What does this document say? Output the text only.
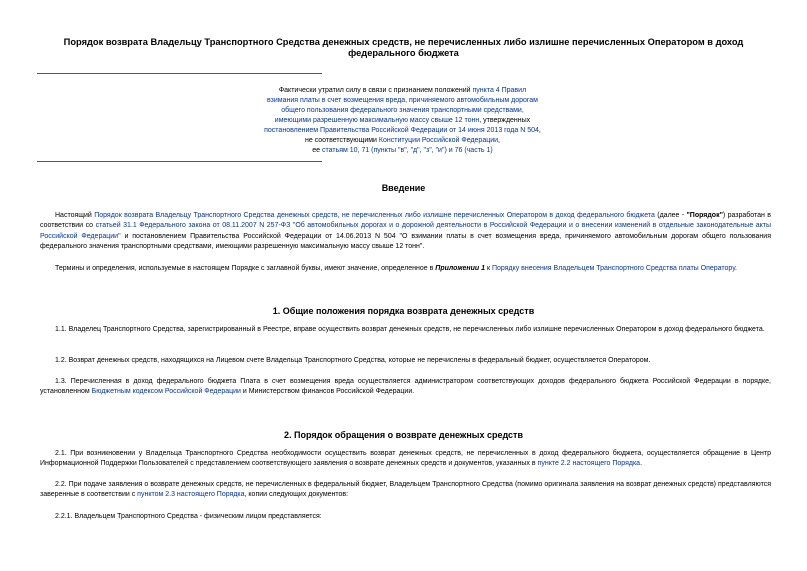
Порядок возврата Владельцу Транспортного Средства денежных средств, не перечисленных либо излишне перечисленных Оператором в доход федерального бюджета
Фактически утратил силу в связи с признанием положений пункта 4 Правил
взимания платы в счет возмещения вреда, причиняемого автомобильным дорогам
общего пользования федерального значения транспортными средствами,
имеющими разрешенную максимальную массу свыше 12 тонн, утвержденных
постановлением Правительства Российской Федерации от 14 июня 2013 года N 504,
не соответствующими Конституции Российской Федерации,
ее статьям 10, 71 (пункты "в", "д", "з", "и") и 76 (часть 1)
Введение
Настоящий Порядок возврата Владельцу Транспортного Средства денежных средств, не перечисленных либо излишне перечисленных Оператором в доход федерального бюджета (далее - "Порядок") разработан в соответствии со статьей 31.1 Федерального закона от 08.11.2007 N 257-ФЗ "Об автомобильных дорогах и о дорожной деятельности в Российской Федерации и о внесении изменений в отдельные законодательные акты Российской Федерации" и постановлением Правительства Российской Федерации от 14.06.2013 N 504 "О взимании платы в счет возмещения вреда, причиняемого автомобильным дорогам общего пользования федерального значения транспортными средствами, имеющими разрешенную максимальную массу свыше 12 тонн".
Термины и определения, используемые в настоящем Порядке с заглавной буквы, имеют значение, определенное в Приложении 1 к Порядку внесения Владельцем Транспортного Средства платы Оператору.
1. Общие положения порядка возврата денежных средств
1.1. Владелец Транспортного Средства, зарегистрированный в Реестре, вправе осуществить возврат денежных средств, не перечисленных либо излишне перечисленных Оператором в доход федерального бюджета.
1.2. Возврат денежных средств, находящихся на Лицевом счете Владельца Транспортного Средства, которые не перечислены в федеральный бюджет, осуществляется Оператором.
1.3. Перечисленная в доход федерального бюджета Плата в счет возмещения вреда осуществляется администратором соответствующих доходов федерального бюджета Российской Федерации в порядке, установленном Бюджетным кодексом Российской Федерации и Министерством финансов Российской Федерации.
2. Порядок обращения о возврате денежных средств
2.1. При возникновении у Владельца Транспортного Средства необходимости осуществить возврат денежных средств, не перечисленных в доход федерального бюджета, осуществляется обращение в Центр Информационной Поддержки Пользователей с представлением соответствующего заявления о возврате денежных средств и документов, указанных в пункте 2.2 настоящего Порядка.
2.2. При подаче заявления о возврате денежных средств, не перечисленных в федеральный бюджет, Владельцем Транспортного Средства (помимо оригинала заявления на возврат денежных средств) представляются заверенные в соответствии с пунктом 2.3 настоящего Порядка, копии следующих документов:
2.2.1. Владельцем Транспортного Средства - физическим лицом представляется:
